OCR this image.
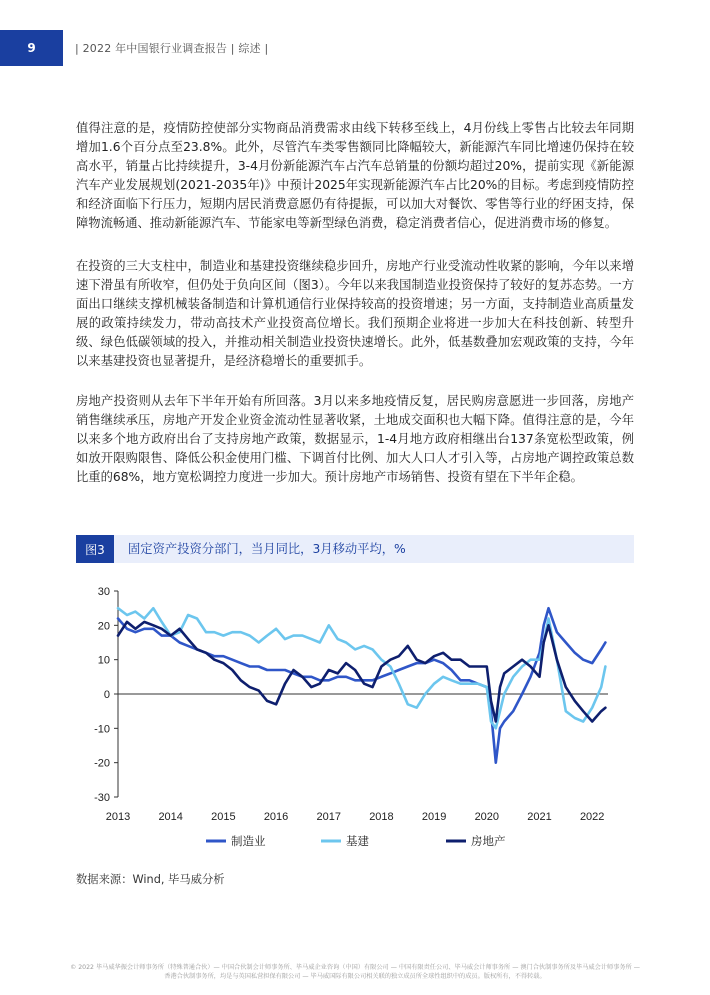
9	| 2022 年中国银行业调查报告 | 综述 |

值得注意的是，疫情防控使部分实物商品消费需求由线下转移至线上，4月份线上零售占比较去年同期增加1.6个百分点至23.8%。此外，尽管汽车类零售额同比降幅较大，新能源汽车同比增速仍保持在较高水平，销量占比持续提升，3-4月份新能源汽车占汽车总销量的份额均超过20%，提前实现《新能源汽车产业发展规划(2021-2035年)》中预计2025年实现新能源汽车占比20%的目标。考虑到疫情防控和经济面临下行压力，短期内居民消费意愿仍有待提振，可以加大对餐饮、零售等行业的纾困支持，保障物流畅通、推动新能源汽车、节能家电等新型绿色消费，稳定消费者信心，促进消费市场的修复。

在投资的三大支柱中，制造业和基建投资继续稳步回升，房地产行业受流动性收紧的影响，今年以来增速下滑虽有所收窄，但仍处于负向区间（图3）。今年以来我国制造业投资保持了较好的复苏态势。一方面出口继续支撑机械装备制造和计算机通信行业保持较高的投资增速；另一方面，支持制造业高质量发展的政策持续发力，带动高技术产业投资高位增长。我们预期企业将进一步加大在科技创新、转型升级、绿色低碳领域的投入，并推动相关制造业投资快速增长。此外，低基数叠加宏观政策的支持，今年以来基建投资也显著提升，是经济稳增长的重要抓手。

房地产投资则从去年下半年开始有所回落。3月以来多地疫情反复，居民购房意愿进一步回落，房地产销售继续承压，房地产开发企业资金流动性显著收紧，土地成交面积也大幅下降。值得注意的是，今年以来多个地方政府出台了支持房地产政策，数据显示，1-4月地方政府相继出台137条宽松型政策，例如放开限购限售、降低公积金使用门槛、下调首付比例、加大人口人才引入等，占房地产调控政策总数比重的68%，地方宽松调控力度进一步加大。预计房地产市场销售、投资有望在下半年企稳。

图3	固定资产投资分部门，当月同比，3月移动平均，%
30
20
10
0
-10
-20
-30
2013	2014	2015	2016	2017	2018	2019	2020	2021	2022
制造业	基建	房地产
数据来源：Wind, 毕马威分析
© 2022 毕马威华振会计师事务所（特殊普通合伙）— 中国合伙制会计师事务所、毕马威企业咨询（中国）有限公司 — 中国有限责任公司、毕马威会计师事务所 — 澳门合伙制事务所及毕马威会计师事务所 — 香港合伙制事务所，均是与英国私营担保有限公司 — 毕马威国际有限公司相关联的独立成员所全球性组织中的成员。版权所有，不得转载。
